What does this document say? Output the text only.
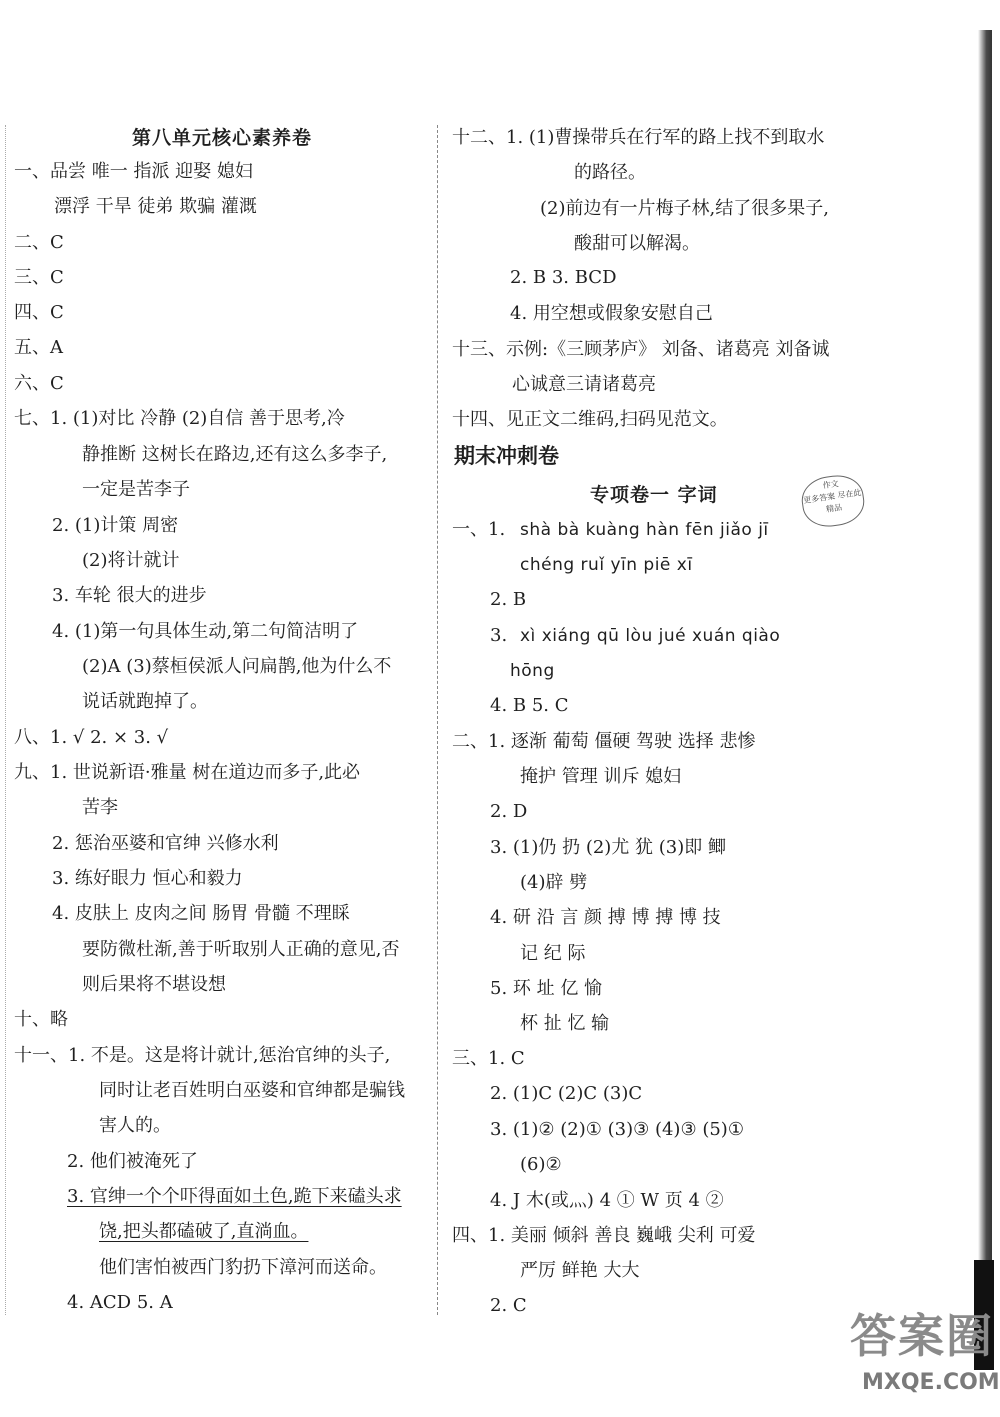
第八单元核心素养卷
一、品尝 唯一 指派 迎娶 媳妇
漂浮 干旱 徒弟 欺骗 灌溉
二、C
三、C
四、C
五、A
六、C
七、1. (1)对比 冷静 (2)自信 善于思考,冷
静推断 这树长在路边,还有这么多李子,
一定是苦李子
2. (1)计策 周密
(2)将计就计
3. 车轮 很大的进步
4. (1)第一句具体生动,第二句简洁明了
(2)A (3)蔡桓侯派人问扁鹊,他为什么不
说话就跑掉了。
八、1. √ 2. × 3. √
九、1. 世说新语·雅量 树在道边而多子,此必
苦李
2. 惩治巫婆和官绅 兴修水利
3. 练好眼力 恒心和毅力
4. 皮肤上 皮肉之间 肠胃 骨髓 不理睬
要防微杜渐,善于听取别人正确的意见,否
则后果将不堪设想
十、略
十一、1. 不是。这是将计就计,惩治官绅的头子,
同时让老百姓明白巫婆和官绅都是骗钱
害人的。
2. 他们被淹死了
3. 官绅一个个吓得面如土色,跪下来磕头求
饶,把头都磕破了,直淌血。
他们害怕被西门豹扔下漳河而送命。
4. ACD 5. A
十二、1. (1)曹操带兵在行军的路上找不到取水
的路径。
(2)前边有一片梅子林,结了很多果子,
酸甜可以解渴。
2. B 3. BCD
4. 用空想或假象安慰自己
十三、示例:《三顾茅庐》 刘备、诸葛亮 刘备诚
心诚意三请诸葛亮
十四、见正文二维码,扫码见范文。
期末冲刺卷
专项卷一 字词
一、1. shà bà kuàng hàn fēn jiǎo jī
chéng ruǐ yīn piē xī
2. B
3. xì xiáng qū lòu jué xuán qiào
hōng
4. B 5. C
二、1. 逐渐 葡萄 僵硬 驾驶 选择 悲惨
掩护 管理 训斥 媳妇
2. D
3. (1)仍 扔 (2)尤 犹 (3)即 鲫
(4)辟 劈
4. 研 沿 言 颜 搏 博 搏 博 技
记 纪 际
5. 环 址 亿 愉
杯 扯 忆 输
三、1. C
2. (1)C (2)C (3)C
3. (1)② (2)① (3)③ (4)③ (5)①
(6)②
4. J 木(或灬) 4 ① W 页 4 ②
四、1. 美丽 倾斜 善良 巍峨 尖利 可爱
严厉 鲜艳 大大
2. C
作文
更多答案 尽在此
精品
答案圈
MXQE.COM
